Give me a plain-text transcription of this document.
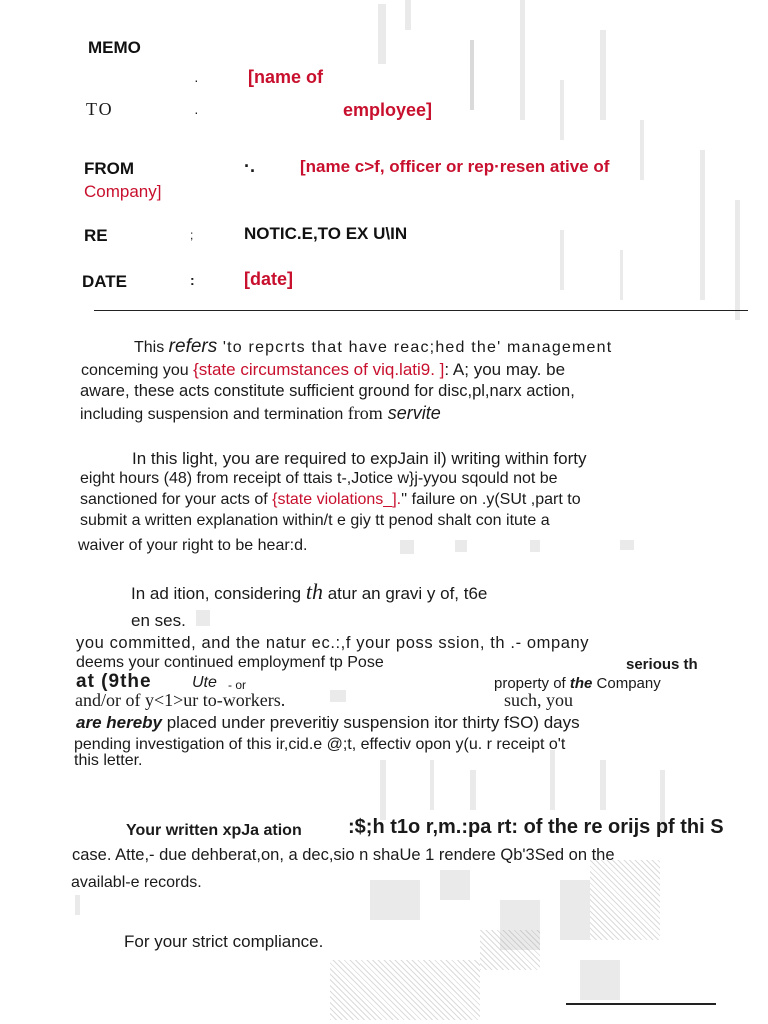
MEMO
·	[name of
TO	·	employee]
FROM	·.	[name c>f, officer or rep·resen ative of
Company]
RE	;	NOTIC.E,TO EX U\IN
DATE	:	[date]
This refers 'to repcrts that have reac;hed the' management
conceming you {state circumstances of viq.lati9. ]: A; you may. be
aware, these acts constitute sufficient groʋnd for disc,pl,narx action,
including suspension and termination from servite
In this light, you are required to expJain il) writing within forty
eight hours (48) from receipt of ttais t-,Jotice w}j-yyou sqould not be
sanctioned for your acts of {state violations_].'' failure on .y(SUt ,part to
submit a written explanation within/t e giy tt penod shalt con itute a
waiver of your right to be hear:d.
In ad ition, considering th atur an gravi y of, t6e
en ses.
you committed, and the natur ec.:,f your poss ssion, th .- ompany
deems your continued employmenf tp Pose	serious th
at (9the	Ute - or	property of the Company
and/or of y<1>ur to-workers.	such, you
are hereby placed under preveritiy suspension itor thirty fSO) days
pending investigation of this ir,cid.e @;t, effectiv opon y(u. r receipt o't
this letter.
Your written xpJa ation :$;h t1o r,m.:pa rt: of the re orijs pf thi S
case. Atte,- due dehberat,on, a dec,sio n shaUe 1 rendere Qb'3Sed on the
availabl-e records.
For your strict compliance.
